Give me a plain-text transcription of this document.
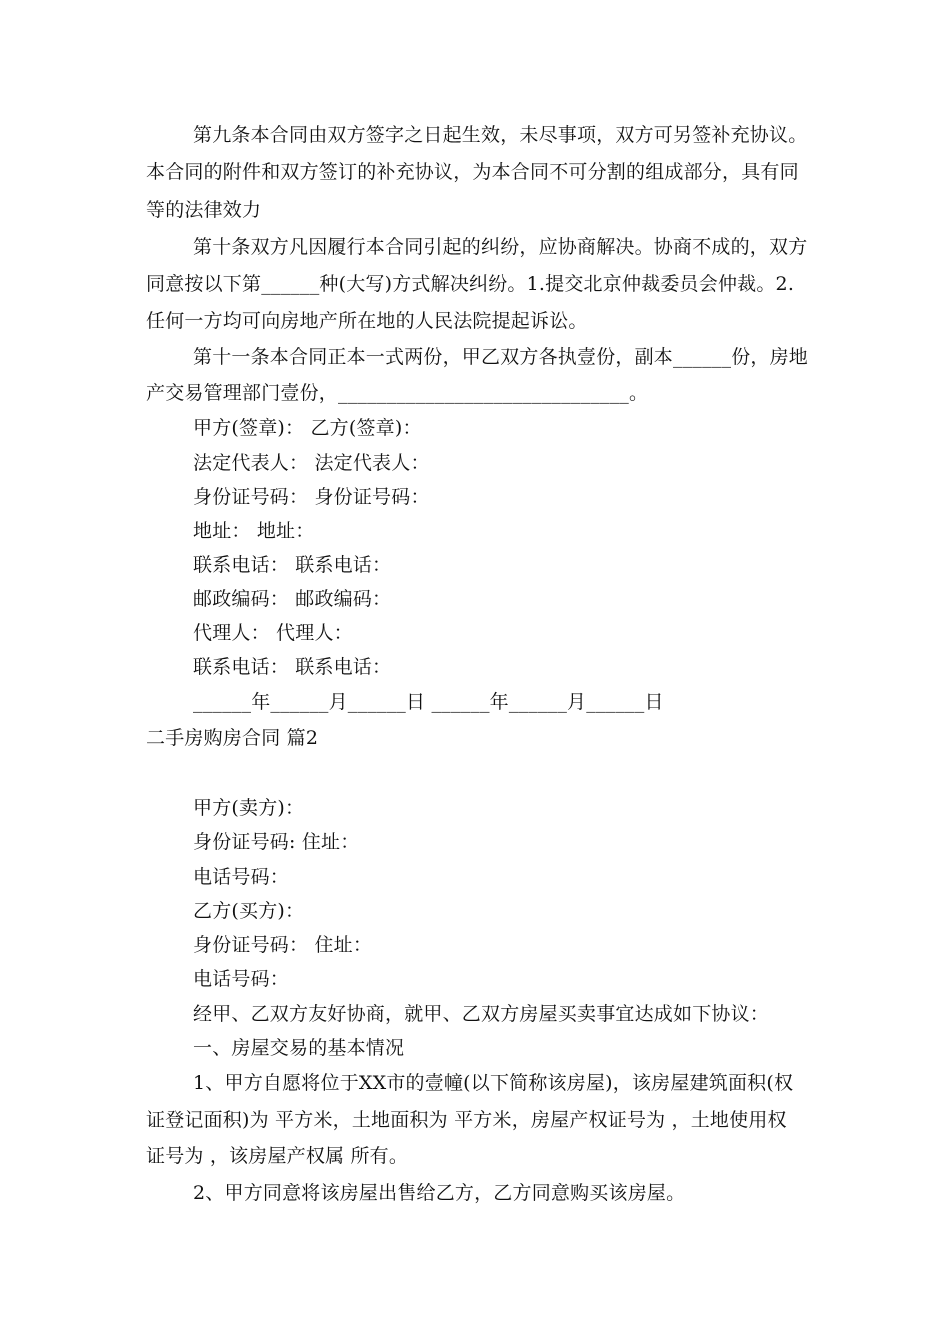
第九条本合同由双方签字之日起生效，未尽事项，双方可另签补充协议。
本合同的附件和双方签订的补充协议，为本合同不可分割的组成部分，具有同
等的法律效力
第十条双方凡因履行本合同引起的纠纷，应协商解决。协商不成的，双方
同意按以下第______种(大写)方式解决纠纷。1.提交北京仲裁委员会仲裁。2.
任何一方均可向房地产所在地的人民法院提起诉讼。
第十一条本合同正本一式两份，甲乙双方各执壹份，副本______份，房地
产交易管理部门壹份，______________________________。
甲方(签章)： 乙方(签章)：
法定代表人： 法定代表人：
身份证号码： 身份证号码：
地址： 地址：
联系电话： 联系电话：
邮政编码： 邮政编码：
代理人： 代理人：
联系电话： 联系电话：
______年______月______日 ______年______月______日
二手房购房合同 篇2
甲方(卖方)：
身份证号码: 住址：
电话号码：
乙方(买方)：
身份证号码： 住址：
电话号码：
经甲、乙双方友好协商，就甲、乙双方房屋买卖事宜达成如下协议：
一、房屋交易的基本情况
1、甲方自愿将位于XX市的壹幢(以下简称该房屋)，该房屋建筑面积(权
证登记面积)为 平方米，土地面积为 平方米，房屋产权证号为 ，土地使用权
证号为 ，该房屋产权属 所有。
2、甲方同意将该房屋出售给乙方，乙方同意购买该房屋。
